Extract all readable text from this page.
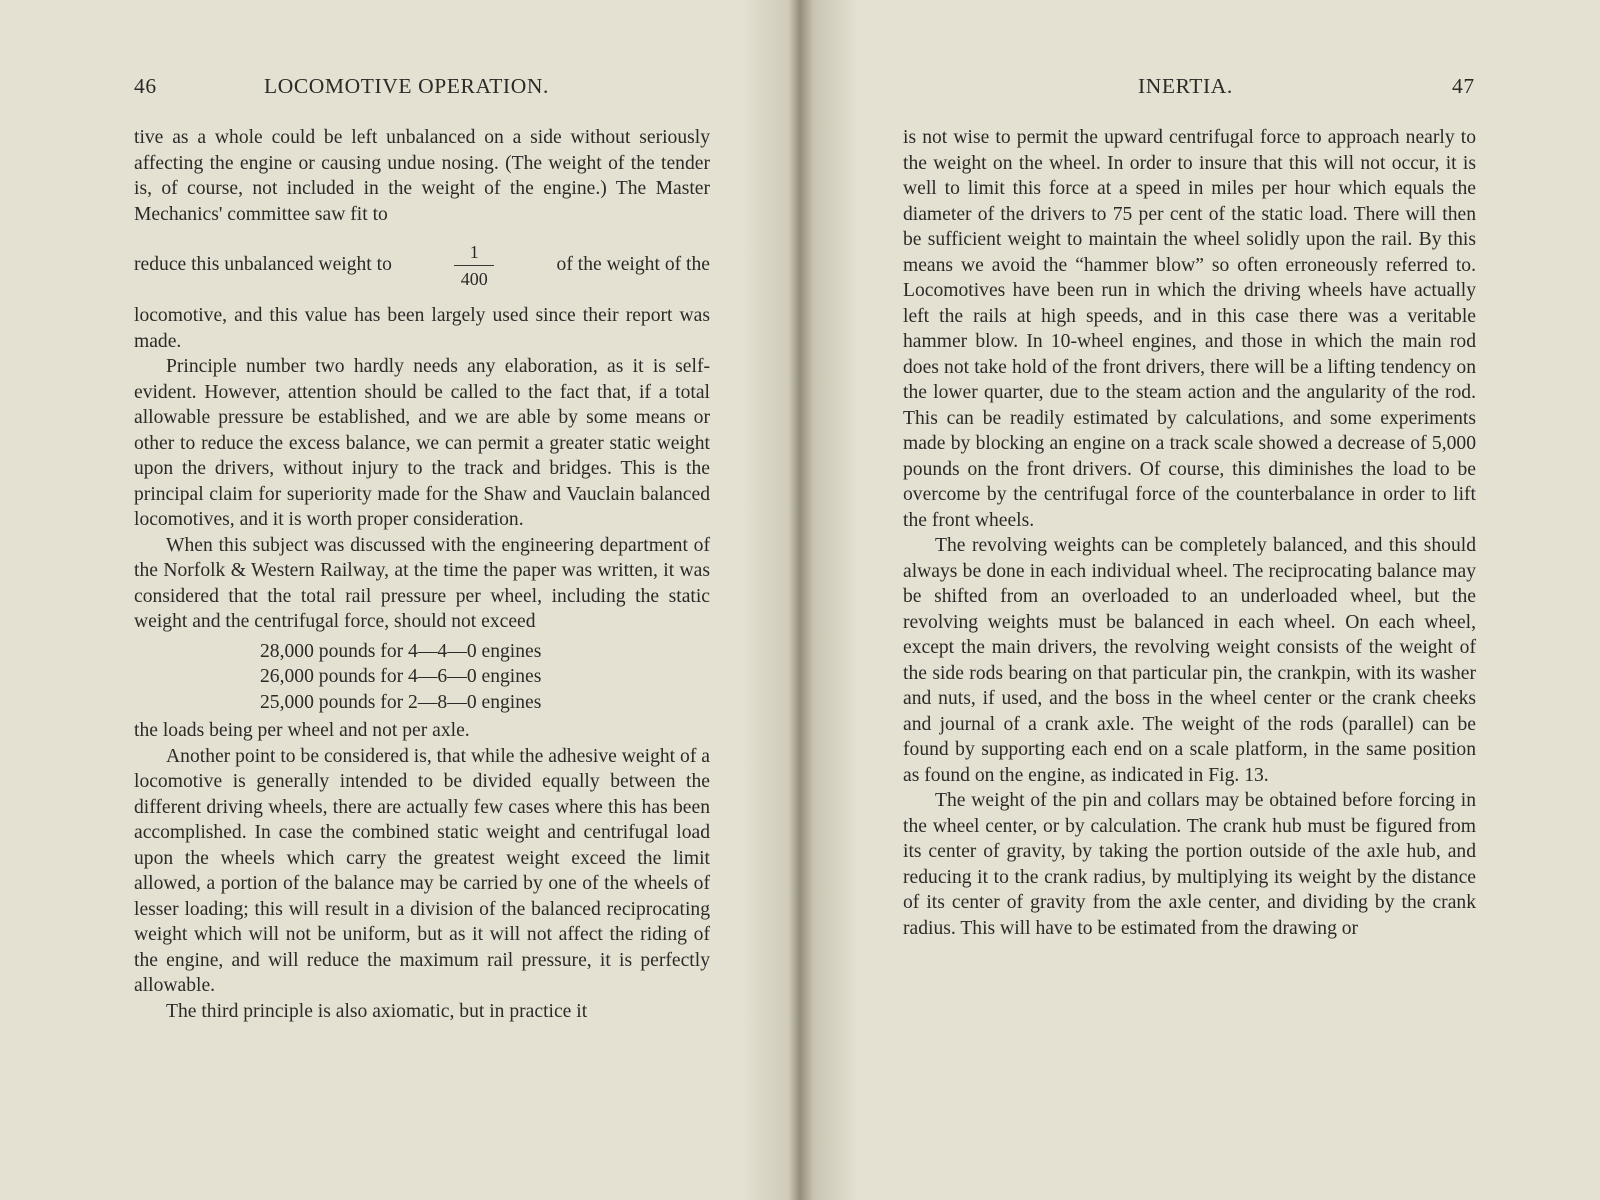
46	LOCOMOTIVE OPERATION.

tive as a whole could be left unbalanced on a side without seriously affecting the engine or causing undue nosing. (The weight of the tender is, of course, not included in the weight of the engine.) The Master Mechanics' committee saw fit to

reduce this unbalanced weight to	$\frac{1}{400}$	of the weight of the

locomotive, and this value has been largely used since their report was made.

Principle number two hardly needs any elaboration, as it is self-evident. However, attention should be called to the fact that, if a total allowable pressure be established, and we are able by some means or other to reduce the excess balance, we can permit a greater static weight upon the drivers, without injury to the track and bridges. This is the principal claim for superiority made for the Shaw and Vauclain balanced locomotives, and it is worth proper consideration.

When this subject was discussed with the engineering department of the Norfolk & Western Railway, at the time the paper was written, it was considered that the total rail pressure per wheel, including the static weight and the centrifugal force, should not exceed

28,000 pounds for 4—4—0 engines
26,000 pounds for 4—6—0 engines
25,000 pounds for 2—8—0 engines

the loads being per wheel and not per axle.

Another point to be considered is, that while the adhesive weight of a locomotive is generally intended to be divided equally between the different driving wheels, there are actually few cases where this has been accomplished. In case the combined static weight and centrifugal load upon the wheels which carry the greatest weight exceed the limit allowed, a portion of the balance may be carried by one of the wheels of lesser loading; this will result in a division of the balanced reciprocating weight which will not be uniform, but as it will not affect the riding of the engine, and will reduce the maximum rail pressure, it is perfectly allowable.

The third principle is also axiomatic, but in practice it

INERTIA.	47

is not wise to permit the upward centrifugal force to approach nearly to the weight on the wheel. In order to insure that this will not occur, it is well to limit this force at a speed in miles per hour which equals the diameter of the drivers to 75 per cent of the static load. There will then be sufficient weight to maintain the wheel solidly upon the rail. By this means we avoid the “hammer blow” so often erroneously referred to. Locomotives have been run in which the driving wheels have actually left the rails at high speeds, and in this case there was a veritable hammer blow. In 10-wheel engines, and those in which the main rod does not take hold of the front drivers, there will be a lifting tendency on the lower quarter, due to the steam action and the angularity of the rod. This can be readily estimated by calculations, and some experiments made by blocking an engine on a track scale showed a decrease of 5,000 pounds on the front drivers. Of course, this diminishes the load to be overcome by the centrifugal force of the counterbalance in order to lift the front wheels.

The revolving weights can be completely balanced, and this should always be done in each individual wheel. The reciprocating balance may be shifted from an overloaded to an underloaded wheel, but the revolving weights must be balanced in each wheel. On each wheel, except the main drivers, the revolving weight consists of the weight of the side rods bearing on that particular pin, the crankpin, with its washer and nuts, if used, and the boss in the wheel center or the crank cheeks and journal of a crank axle. The weight of the rods (parallel) can be found by supporting each end on a scale platform, in the same position as found on the engine, as indicated in Fig. 13.

The weight of the pin and collars may be obtained before forcing in the wheel center, or by calculation. The crank hub must be figured from its center of gravity, by taking the portion outside of the axle hub, and reducing it to the crank radius, by multiplying its weight by the distance of its center of gravity from the axle center, and dividing by the crank radius. This will have to be estimated from the drawing or
